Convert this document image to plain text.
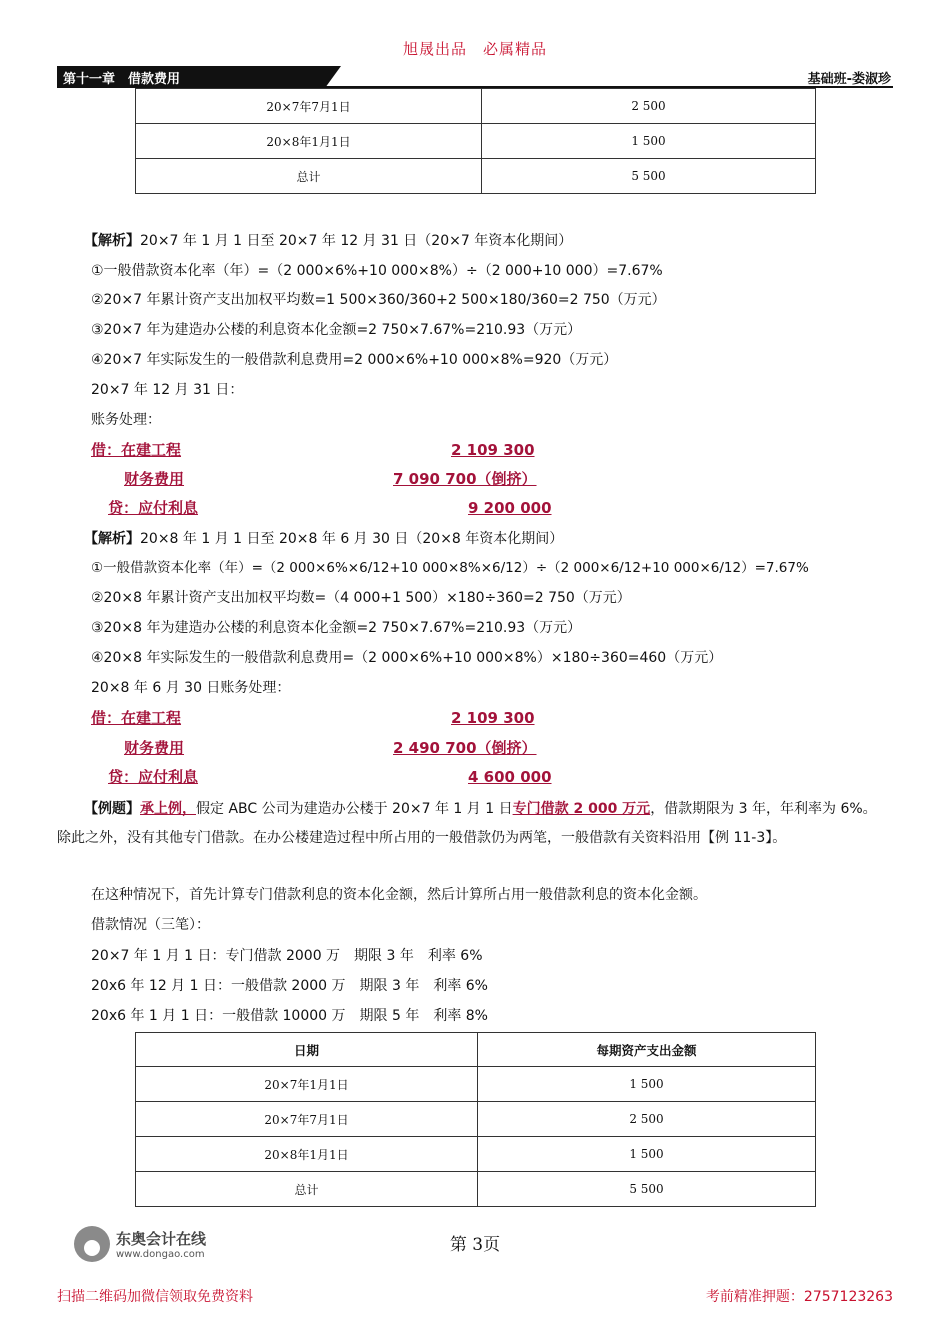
旭晟出品　必属精品
第十一章　借款费用	基础班-娄淑珍
20×7年7月1日	2 500
20×8年1月1日	1 500
总计	5 500
【解析】20×7 年 1 月 1 日至 20×7 年 12 月 31 日（20×7 年资本化期间）
①一般借款资本化率（年）=（2 000×6%+10 000×8%）÷（2 000+10 000）=7.67%
②20×7 年累计资产支出加权平均数=1 500×360/360+2 500×180/360=2 750（万元）
③20×7 年为建造办公楼的利息资本化金额=2 750×7.67%=210.93（万元）
④20×7 年实际发生的一般借款利息费用=2 000×6%+10 000×8%=920（万元）
20×7 年 12 月 31 日：
账务处理：
借：在建工程	2 109 300
财务费用	7 090 700（倒挤）
贷：应付利息	9 200 000
【解析】20×8 年 1 月 1 日至 20×8 年 6 月 30 日（20×8 年资本化期间）
①一般借款资本化率（年）=（2 000×6%×6/12+10 000×8%×6/12）÷（2 000×6/12+10 000×6/12）=7.67%
②20×8 年累计资产支出加权平均数=（4 000+1 500）×180÷360=2 750（万元）
③20×8 年为建造办公楼的利息资本化金额=2 750×7.67%=210.93（万元）
④20×8 年实际发生的一般借款利息费用=（2 000×6%+10 000×8%）×180÷360=460（万元）
20×8 年 6 月 30 日账务处理：
借：在建工程	2 109 300
财务费用	2 490 700（倒挤）
贷：应付利息	4 600 000
【例题】承上例，假定 ABC 公司为建造办公楼于 20×7 年 1 月 1 日专门借款 2 000 万元，借款期限为 3 年，年利率为 6%。除此之外，没有其他专门借款。在办公楼建造过程中所占用的一般借款仍为两笔，一般借款有关资料沿用【例 11-3】。
在这种情况下，首先计算专门借款利息的资本化金额，然后计算所占用一般借款利息的资本化金额。
借款情况（三笔）：
20×7 年 1 月 1 日：专门借款 2000 万　期限 3 年　利率 6%
20x6 年 12 月 1 日：一般借款 2000 万　期限 3 年　利率 6%
20x6 年 1 月 1 日：一般借款 10000 万　期限 5 年　利率 8%
日期	每期资产支出金额
20×7年1月1日	1 500
20×7年7月1日	2 500
20×8年1月1日	1 500
总计	5 500
东奥会计在线
www.dongao.com	第 3页
扫描二维码加微信领取免费资料	考前精准押题：2757123263
